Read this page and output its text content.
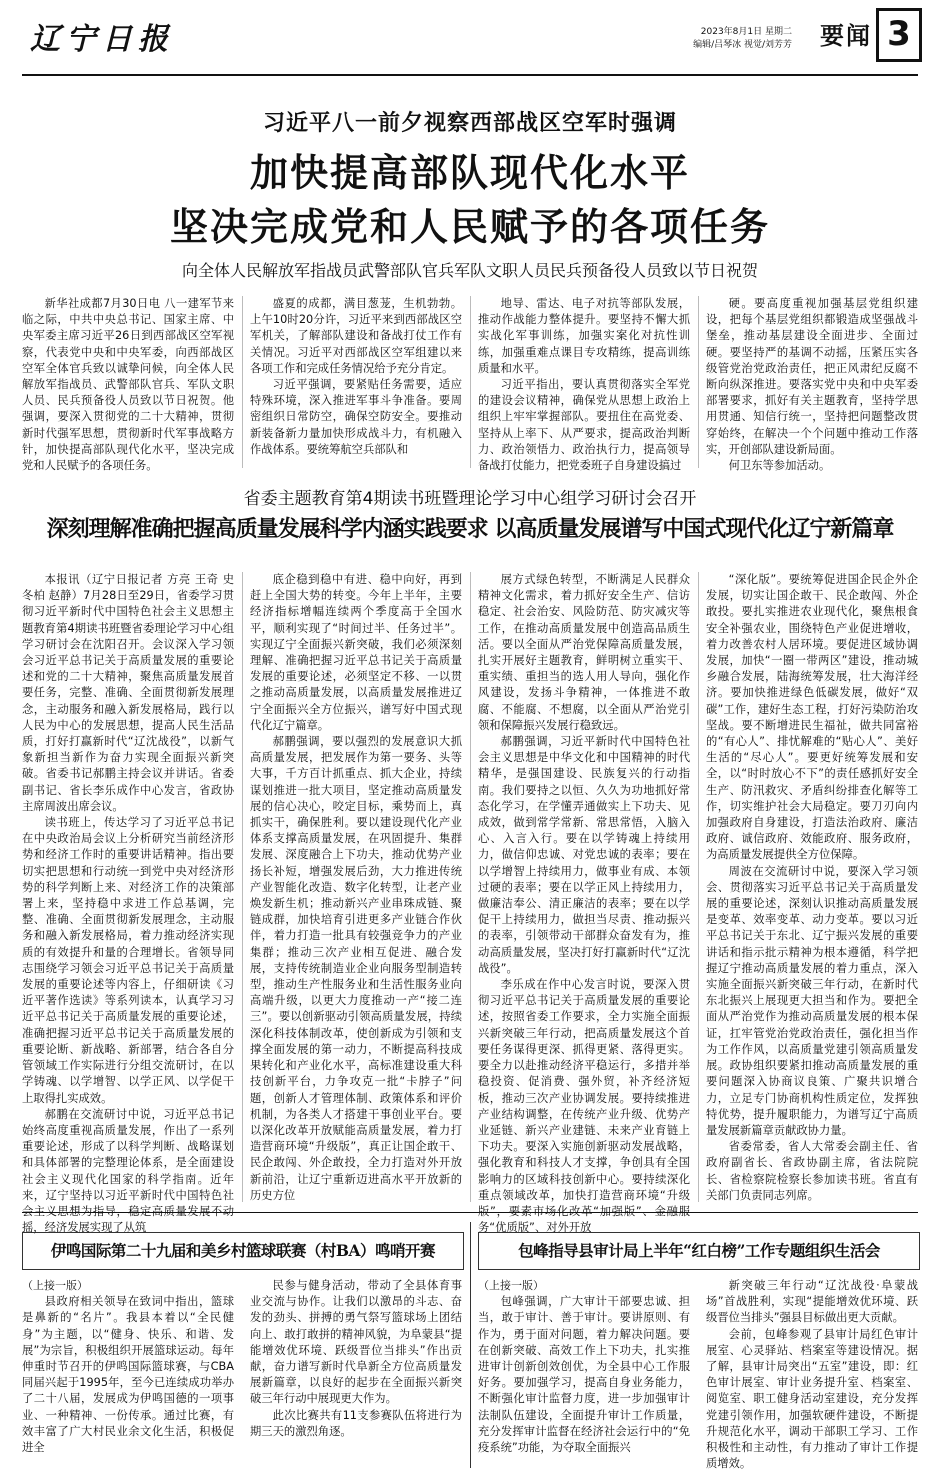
辽宁日报	2023年8月1日 星期二
编辑/吕琴冰 视觉/刘芳芳 要闻 3
习近平八一前夕视察西部战区空军时强调
加快提高部队现代化水平
坚决完成党和人民赋予的各项任务
向全体人民解放军指战员武警部队官兵军队文职人员民兵预备役人员致以节日祝贺

新华社成都7月30日电 八一建军节来临之际，中共中央总书记、国家主席、中央军委主席习近平26日到西部战区空军视察，代表党中央和中央军委，向西部战区空军全体官兵致以诚挚问候，向全体人民解放军指战员、武警部队官兵、军队文职人员、民兵预备役人员致以节日祝贺。他强调，要深入贯彻党的二十大精神，贯彻新时代强军思想，贯彻新时代军事战略方针，加快提高部队现代化水平，坚决完成党和人民赋予的各项任务。

盛夏的成都，满目葱茏，生机勃勃。上午10时20分许，习近平来到西部战区空军机关，了解部队建设和备战打仗工作有关情况。习近平对西部战区空军组建以来各项工作和完成任务情况给予充分肯定。

习近平强调，要紧贴任务需要，适应特殊环境，深入推进军事斗争准备。要周密组织日常防空，确保空防安全。要推动新装备新力量加快形成战斗力，有机融入作战体系。要统筹航空兵部队和

地导、雷达、电子对抗等部队发展，推动作战能力整体提升。要坚持不懈大抓实战化军事训练，加强实案化对抗性训练，加强重难点课目专攻精练，提高训练质量和水平。

习近平指出，要认真贯彻落实全军党的建设会议精神，确保党从思想上政治上组织上牢牢掌握部队。要扭住在高党委、坚持从上率下、从严要求，提高政治判断力、政治领悟力、政治执行力，提高领导备战打仗能力，把党委班子自身建设搞过

硬。要高度重视加强基层党组织建设，把每个基层党组织都锻造成坚强战斗堡垒，推动基层建设全面进步、全面过硬。要坚持严的基调不动摇，压紧压实各级管党治党政治责任，把正风肃纪反腐不断向纵深推进。要落实党中央和中央军委部署要求，抓好有关主题教育，坚持学思用贯通、知信行统一，坚持把问题整改贯穿始终，在解决一个个问题中推动工作落实，开创部队建设新局面。

何卫东等参加活动。

省委主题教育第4期读书班暨理论学习中心组学习研讨会召开
深刻理解准确把握高质量发展科学内涵实践要求 以高质量发展谱写中国式现代化辽宁新篇章

本报讯（辽宁日报记者 方亮 王奇 史冬柏 赵静）7月28日至29日，省委学习贯彻习近平新时代中国特色社会主义思想主题教育第4期读书班暨省委理论学习中心组学习研讨会在沈阳召开。会议深入学习领会习近平总书记关于高质量发展的重要论述和党的二十大精神，聚焦高质量发展首要任务，完整、准确、全面贯彻新发展理念，主动服务和融入新发展格局，践行以人民为中心的发展思想，提高人民生活品质，打好打赢新时代“辽沈战役”，以新气象新担当新作为奋力实现全面振兴新突破。省委书记郝鹏主持会议并讲话。省委副书记、省长李乐成作中心发言，省政协主席周波出席会议。

读书班上，传达学习了习近平总书记在中央政治局会议上分析研究当前经济形势和经济工作时的重要讲话精神。指出要切实把思想和行动统一到党中央对经济形势的科学判断上来、对经济工作的决策部署上来，坚持稳中求进工作总基调，完整、准确、全面贯彻新发展理念，主动服务和融入新发展格局，着力推动经济实现质的有效提升和量的合理增长。省领导同志围绕学习领会习近平总书记关于高质量发展的重要论述等内容上，仔细研读《习近平著作选读》等系列读本，认真学习习近平总书记关于高质量发展的重要论述，准确把握习近平总书记关于高质量发展的重要论断、新战略、新部署，结合各自分管领域工作实际进行分组交流研讨，在以学铸魂、以学增智、以学正风、以学促干上取得扎实成效。

郝鹏在交流研讨中说，习近平总书记始终高度重视高质量发展，作出了一系列重要论述，形成了以科学判断、战略谋划和具体部署的完整理论体系，是全面建设社会主义现代化国家的科学指南。近年来，辽宁坚持以习近平新时代中国特色社会主义思想为指导，稳定高质量发展不动摇，经济发展实现了从筑

底企稳到稳中有进、稳中向好，再到赶上全国大势的转变。今年上半年，主要经济指标增幅连续两个季度高于全国水平，顺利实现了“时间过半、任务过半”。实现辽宁全面振兴新突破，我们必须深刻理解、准确把握习近平总书记关于高质量发展的重要论述，必须坚定不移、一以贯之推动高质量发展，以高质量发展推进辽宁全面振兴全方位振兴，谱写好中国式现代化辽宁篇章。

郝鹏强调，要以强烈的发展意识大抓高质量发展，把发展作为第一要务、头等大事，千方百计抓重点、抓大企业，持续谋划推进一批大项目，坚定推动高质量发展的信心决心，咬定目标，乘势而上，真抓实干，确保胜利。要以建设现代化产业体系支撑高质量发展，在巩固提升、集群发展、深度融合上下功夫，推动优势产业扬长补短，增强发展后劲，大力推进传统产业智能化改造、数字化转型，让老产业焕发新生机；推动新兴产业串珠成链、聚链成群，加快培育引进更多产业链合作伙伴，着力打造一批具有较强竞争力的产业集群；推动三次产业相互促进、融合发展，支持传统制造业企业向服务型制造转型，推动生产性服务业和生活性服务业向高端升级，以更大力度推动一产“接二连三”。要以创新驱动引领高质量发展，持续深化科技体制改革，使创新成为引领和支撑全面发展的第一动力，不断提高科技成果转化和产业化水平，高标准建设重大科技创新平台，力争攻克一批“卡脖子”问题，创新人才管理体制、政策体系和评价机制，为各类人才搭建干事创业平台。要以深化改革开放赋能高质量发展，着力打造营商环境“升级版”，真正让国企敢干、民企敢闯、外企敢投，全力打造对外开放新前沿，让辽宁重新迈进高水平开放新的历史方位

展方式绿色转型，不断满足人民群众精神文化需求，着力抓好安全生产、信访稳定、社会治安、风险防范、防灾减灾等工作，在推动高质量发展中创造高品质生活。要以全面从严治党保障高质量发展，扎实开展好主题教育，鲜明树立重实干、重实绩、重担当的选人用人导向，强化作风建设，发扬斗争精神，一体推进不敢腐、不能腐、不想腐，以全面从严治党引领和保障振兴发展行稳致远。

郝鹏强调，习近平新时代中国特色社会主义思想是中华文化和中国精神的时代精华，是强国建设、民族复兴的行动指南。我们要持之以恒、久久为功地抓好常态化学习，在学懂弄通做实上下功夫、见成效，做到常学常新、常思常悟，入脑入心、入言入行。要在以学铸魂上持续用力，做信仰忠诚、对党忠诚的表率；要在以学增智上持续用力，做事业有成、本领过硬的表率；要在以学正风上持续用力，做廉洁奉公、清正廉洁的表率；要在以学促干上持续用力，做担当尽责、推动振兴的表率，引领带动干部群众奋发有为，推动高质量发展，坚决打好打赢新时代“辽沈战役”。

李乐成在作中心发言时说，要深入贯彻习近平总书记关于高质量发展的重要论述，按照省委工作要求，全力实施全面振兴新突破三年行动，把高质量发展这个首要任务谋得更深、抓得更紧、落得更实。要全力以赴推动经济平稳运行，多措并举稳投资、促消费、强外贸，补齐经济短板，推动三次产业协调发展。要持续推进产业结构调整，在传统产业升级、优势产业延链、新兴产业建链、未来产业育链上下功夫。要深入实施创新驱动发展战略，强化教育和科技人才支撑，争创具有全国影响力的区域科技创新中心。要持续深化重点领域改革，加快打造营商环境“升级版”，要素市场化改革“加强版”、金融服务“优质版”、对外开放

“深化版”。要统筹促进国企民企外企发展，切实让国企敢干、民企敢闯、外企敢投。要扎实推进农业现代化，聚焦根食安全补强农业，围绕特色产业促进增收，着力改善农村人居环境。要促进区域协调发展，加快“一圈一带两区”建设，推动城乡融合发展，陆海统筹发展，壮大海洋经济。要加快推进绿色低碳发展，做好“双碳”工作，建好生态工程，打好污染防治攻坚战。要不断增进民生福祉，做共同富裕的“有心人”、排忧解难的“贴心人”、美好生活的“尽心人”。要更好统筹发展和安全，以“时时放心不下”的责任感抓好安全生产、防汛救灾、矛盾纠纷排查化解等工作，切实维护社会大局稳定。要刀刃向内加强政府自身建设，打造法治政府、廉洁政府、诚信政府、效能政府、服务政府，为高质量发展提供全方位保障。

周波在交流研讨中说，要深入学习领会、贯彻落实习近平总书记关于高质量发展的重要论述，深刻认识推动高质量发展是变革、效率变革、动力变革。要以习近平总书记关于东北、辽宁振兴发展的重要讲话和指示批示精神为根本遵循，科学把握辽宁推动高质量发展的着力重点，深入实施全面振兴新突破三年行动，在新时代东北振兴上展现更大担当和作为。要把全面从严治党作为推动高质量发展的根本保证，扛牢管党治党政治责任，强化担当作为工作作风，以高质量党建引领高质量发展。政协组织要紧扣推动高质量发展的重要问题深入协商议良策、广聚共识增合力，立足专门协商机构性质定位，发挥独特优势，提升履职能力，为谱写辽宁高质量发展新篇章贡献政协力量。

省委常委，省人大常委会副主任、省政府副省长、省政协副主席，省法院院长、省检察院检察长参加读书班。省直有关部门负责同志列席。

伊鸣国际第二十九届和美乡村篮球联赛（村BA）鸣哨开赛
（上接一版）

县政府相关领导在致词中指出，篮球是鼻新的“名片”。我县本着以“全民健身”为主题，以“健身、快乐、和谐、发展”为宗旨，积极组织开展篮球运动。每年伸重时节召开的伊鸣国际篮球赛，与CBA同届兴起于1995年，至今已连续成功举办了二十八届，发展成为伊鸣国德的一项事业、一种精神、一份传承。通过比赛，有效丰富了广大村民业余文化生活，积极促进全

民参与健身活动，带动了全县体育事业交流与协作。让我们以激昂的斗志、奋发的劲头、拼搏的勇气祭写篮球场上团结向上、敢打敢拼的精神风貌，为阜蒙县“提能增效优环境、跃级晋位当排头”作出贡献，奋力谱写新时代阜新全方位高质量发展新篇章，以良好的起步在全面振兴新突破三年行动中展现更大作为。

此次比赛共有11支参赛队伍将进行为期三天的激烈角逐。

包峰指导县审计局上半年“红白榜”工作专题组织生活会
（上接一版）

包峰强调，广大审计干部要忠诚、担当，敢于审计、善于审计。要讲原则、有作为，勇于面对问题，着力解决问题。要在创新突破、高效工作上下功夫，扎实推进审计创新创效创优，为全县中心工作服好务。要加强学习，提高自身业务能力，不断强化审计监督力度，进一步加强审计法制队伍建设，全面提升审计工作质量，充分发挥审计监督在经济社会运行中的“免疫系统”功能，为夺取全面振兴

新突破三年行动“辽沈战役·阜蒙战场”首战胜利，实现“提能增效优环境、跃级晋位当排头”强县目标做出更大贡献。

会前，包峰参观了县审计局红色审计展室、心灵驿站、档案室等建设情况。据了解，县审计局突出“五室”建设，即：红色审计展室、审计业务提升室、档案室、阅览室、职工健身活动室建设，充分发挥党建引领作用，加强软硬件建设，不断提升规范化水平，调动干部职工学习、工作积极性和主动性，有力推动了审计工作提质增效。
